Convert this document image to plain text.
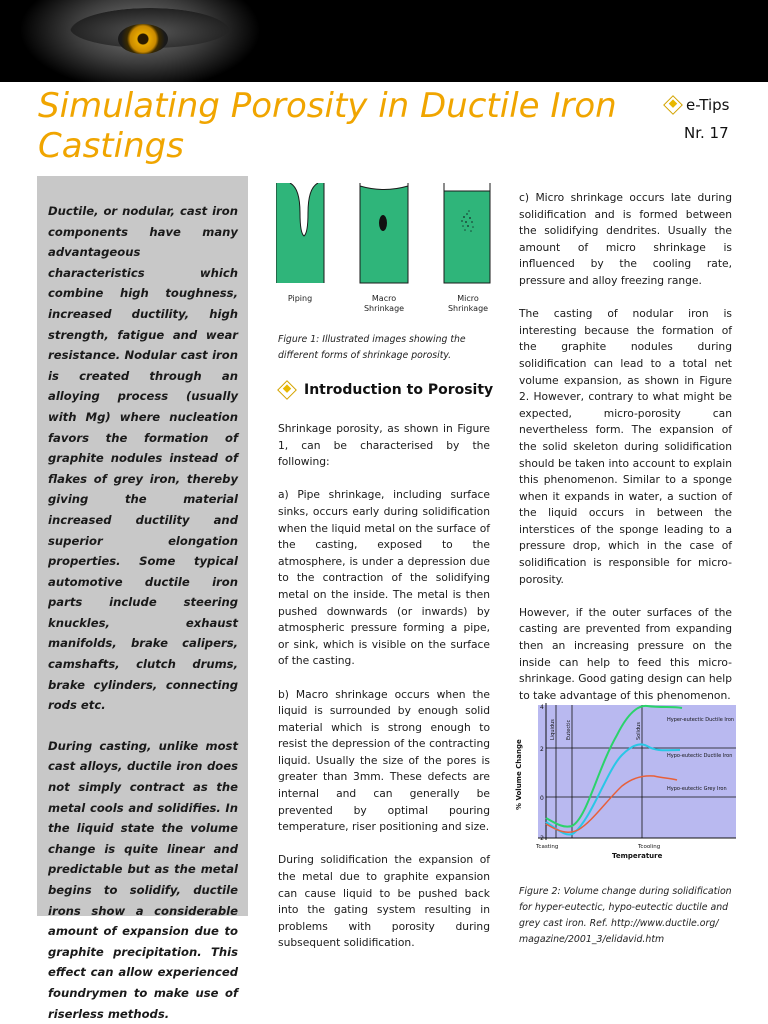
Simulating Porosity in Ductile Iron Castings
e-Tips
Nr. 17

Ductile, or nodular, cast iron components have many advantageous characteristics which combine high toughness, increased ductility, high strength, fatigue and wear resistance. Nodular cast iron is created through an alloying process (usually with Mg) where nucleation favors the formation of graphite nodules instead of flakes of grey iron, thereby giving the material increased ductility and superior elongation properties. Some typical automotive ductile iron parts include steering knuckles, exhaust manifolds, brake calipers, camshafts, clutch drums, brake cylinders, connecting rods etc.

During casting, unlike most cast alloys, ductile iron does not simply contract as the metal cools and solidifies. In the liquid state the volume change is quite linear and predictable but as the metal begins to solidify, ductile irons show a considerable amount of expansion due to graphite precipitation. This effect can allow experienced foundrymen to make use of riserless methods.

Piping	Macro
Shrinkage
Micro
Shrinkage

Figure 1: Illustrated images showing the different forms of shrinkage porosity.

Introduction to Porosity

Shrinkage porosity, as shown in Figure 1, can be characterised by the following:

a) Pipe shrinkage, including surface sinks, occurs early during solidification when the liquid metal on the surface of the casting, exposed to the atmosphere, is under a depression due to the contraction of the solidifying metal on the inside. The metal is then pushed downwards (or inwards) by atmospheric pressure forming a pipe, or sink, which is visible on the surface of the casting.

b) Macro shrinkage occurs when the liquid is surrounded by enough solid material which is strong enough to resist the depression of the contracting liquid. Usually the size of the pores is greater than 3mm. These defects are internal and can generally be prevented by optimal pouring temperature, riser positioning and size.

During solidification the expansion of the metal due to graphite expansion can cause liquid to be pushed back into the gating system resulting in problems with porosity during subsequent solidification.

c) Micro shrinkage occurs late during solidification and is formed between the solidifying dendrites. Usually the amount of micro shrinkage is influenced by the cooling rate, pressure and alloy freezing range.

The casting of nodular iron is interesting because the formation of the graphite nodules during solidification can lead to a total net volume expansion, as shown in Figure 2. However, contrary to what might be expected, micro-porosity can nevertheless form. The expansion of the solid skeleton during solidification should be taken into account to explain this phenomenon. Similar to a sponge when it expands in water, a suction of the liquid occurs in between the interstices of the sponge leading to a pressure drop, which in the case of solidification is responsible for micro-porosity.

However, if the outer surfaces of the casting are prevented from expanding then an increasing pressure on the inside can help to feed this micro-shrinkage. Good gating design can help to take advantage of this phenomenon.

Liquidus Eutectic	Solidus
4
2
0
-2
% Volume Change
Tcasting	Tcooling
Temperature
Hyper-eutectic Ductile Iron
Hypo-eutectic Ductile Iron
Hypo-eutectic Grey Iron

Figure 2: Volume change during solidification for hyper-eutectic, hypo-eutectic ductile and grey cast iron. Ref. http://www.ductile.org/ magazine/2001_3/elidavid.htm
